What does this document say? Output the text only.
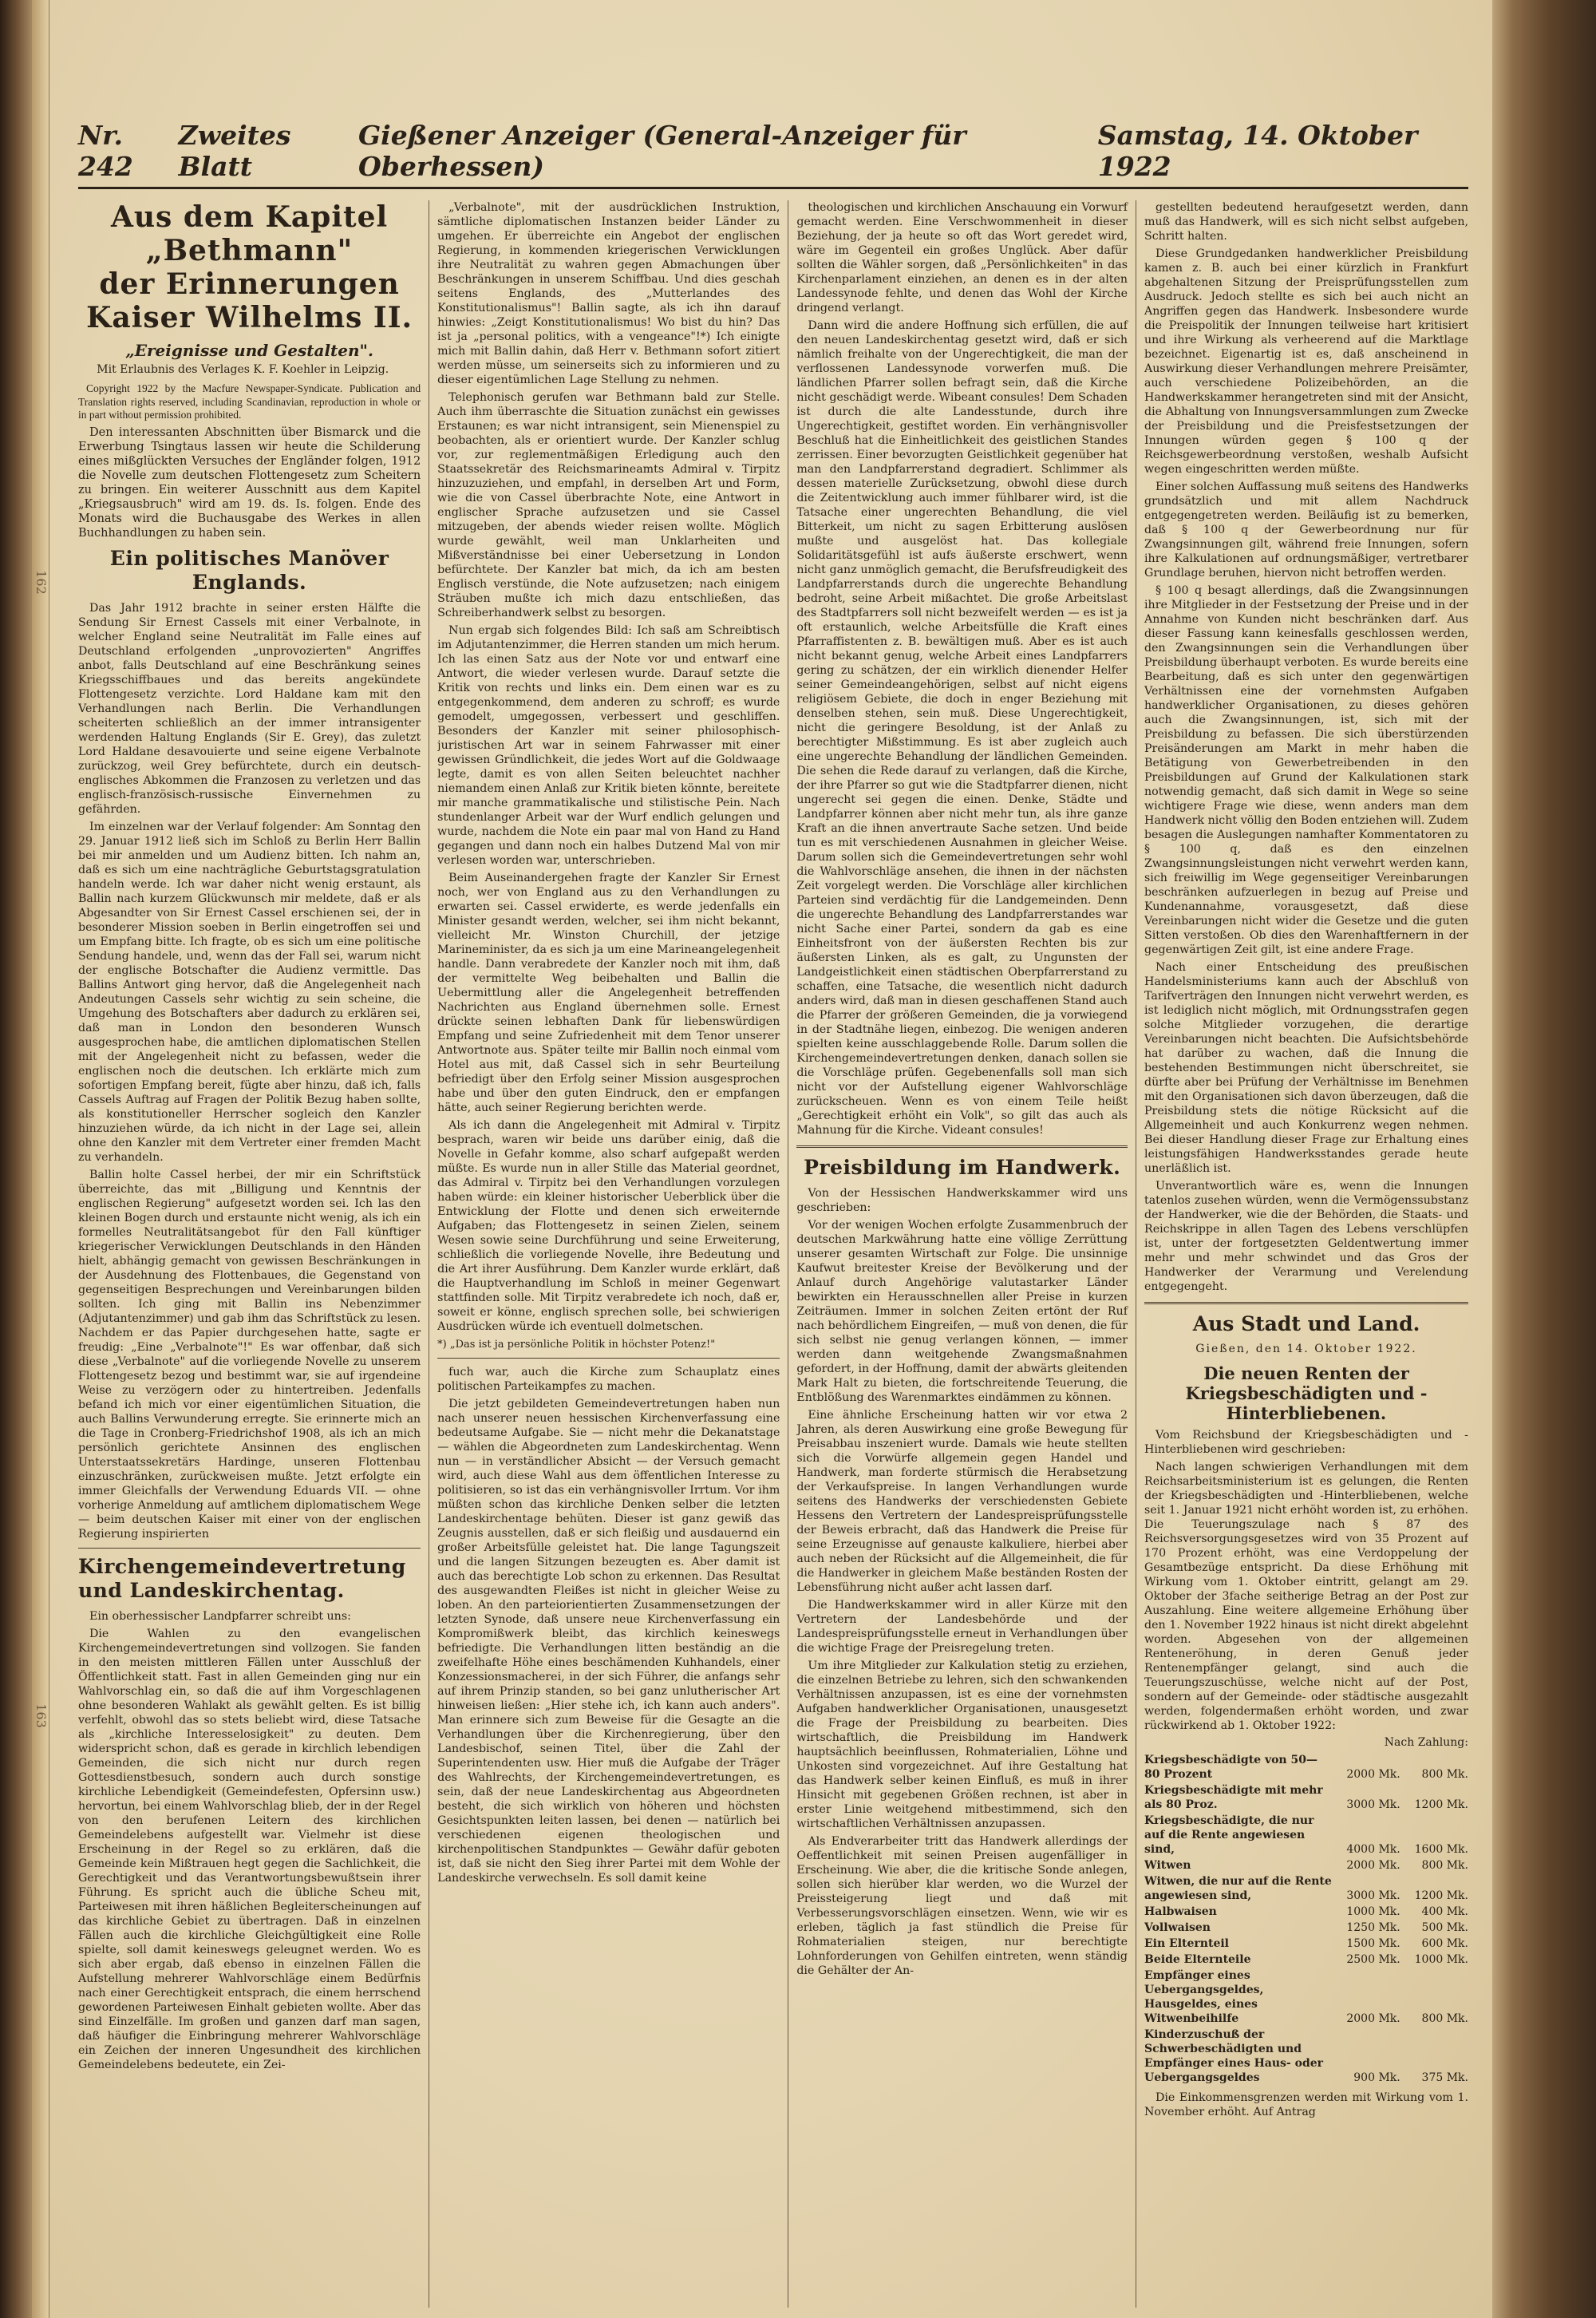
162
163
Nr. 242
Zweites Blatt
Gießener Anzeiger (General-Anzeiger für Oberhessen)
Samstag, 14. Oktober 1922
Aus dem Kapitel „Bethmann"
der Erinnerungen Kaiser Wilhelms II.
„Ereignisse und Gestalten".
Mit Erlaubnis des Verlages K. F. Koehler in Leipzig.

Copyright 1922 by the Macfure Newspaper-Syndicate. Publication and Translation rights reserved, including Scandinavian, reproduction in whole or in part without permission prohibited.

Den interessanten Abschnitten über Bismarck und die Erwerbung Tsingtaus lassen wir heute die Schilderung eines mißglückten Versuches der Engländer folgen, 1912 die Novelle zum deutschen Flottengesetz zum Scheitern zu bringen. Ein weiterer Ausschnitt aus dem Kapitel „Kriegsausbruch" wird am 19. ds. Is. folgen. Ende des Monats wird die Buchausgabe des Werkes in allen Buchhandlungen zu haben sein.

Ein politisches Manöver Englands.

Das Jahr 1912 brachte in seiner ersten Hälfte die Sendung Sir Ernest Cassels mit einer Verbalnote, in welcher England seine Neutralität im Falle eines auf Deutschland erfolgenden „unprovozierten" Angriffes anbot, falls Deutschland auf eine Beschränkung seines Kriegsschiffbaues und das bereits angekündete Flottengesetz verzichte. Lord Haldane kam mit den Verhandlungen nach Berlin. Die Verhandlungen scheiterten schließlich an der immer intransigenter werdenden Haltung Englands (Sir E. Grey), das zuletzt Lord Haldane desavouierte und seine eigene Verbalnote zurückzog, weil Grey befürchtete, durch ein deutsch-englisches Abkommen die Franzosen zu verletzen und das englisch-französisch-russische Einvernehmen zu gefährden.

Im einzelnen war der Verlauf folgender: Am Sonntag den 29. Januar 1912 ließ sich im Schloß zu Berlin Herr Ballin bei mir anmelden und um Audienz bitten. Ich nahm an, daß es sich um eine nachträgliche Geburtstagsgratulation handeln werde. Ich war daher nicht wenig erstaunt, als Ballin nach kurzem Glückwunsch mir meldete, daß er als Abgesandter von Sir Ernest Cassel erschienen sei, der in besonderer Mission soeben in Berlin eingetroffen sei und um Empfang bitte. Ich fragte, ob es sich um eine politische Sendung handele, und, wenn das der Fall sei, warum nicht der englische Botschafter die Audienz vermittle. Das Ballins Antwort ging hervor, daß die Angelegenheit nach Andeutungen Cassels sehr wichtig zu sein scheine, die Umgehung des Botschafters aber dadurch zu erklären sei, daß man in London den besonderen Wunsch ausgesprochen habe, die amtlichen diplomatischen Stellen mit der Angelegenheit nicht zu befassen, weder die englischen noch die deutschen. Ich erklärte mich zum sofortigen Empfang bereit, fügte aber hinzu, daß ich, falls Cassels Auftrag auf Fragen der Politik Bezug haben sollte, als konstitutioneller Herrscher sogleich den Kanzler hinzuziehen würde, da ich nicht in der Lage sei, allein ohne den Kanzler mit dem Vertreter einer fremden Macht zu verhandeln.

Ballin holte Cassel herbei, der mir ein Schriftstück überreichte, das mit „Billigung und Kenntnis der englischen Regierung" aufgesetzt worden sei. Ich las den kleinen Bogen durch und erstaunte nicht wenig, als ich ein formelles Neutralitätsangebot für den Fall künftiger kriegerischer Verwicklungen Deutschlands in den Händen hielt, abhängig gemacht von gewissen Beschränkungen in der Ausdehnung des Flottenbaues, die Gegenstand von gegenseitigen Besprechungen und Vereinbarungen bilden sollten. Ich ging mit Ballin ins Nebenzimmer (Adjutantenzimmer) und gab ihm das Schriftstück zu lesen. Nachdem er das Papier durchgesehen hatte, sagte er freudig: „Eine „Verbalnote"!" Es war offenbar, daß sich diese „Verbalnote" auf die vorliegende Novelle zu unserem Flottengesetz bezog und bestimmt war, sie auf irgendeine Weise zu verzögern oder zu hintertreiben. Jedenfalls befand ich mich vor einer eigentümlichen Situation, die auch Ballins Verwunderung erregte. Sie erinnerte mich an die Tage in Cronberg-Friedrichshof 1908, als ich an mich persönlich gerichtete Ansinnen des englischen Unterstaatssekretärs Hardinge, unseren Flottenbau einzuschränken, zurückweisen mußte. Jetzt erfolgte ein immer Gleichfalls der Verwendung Eduards VII. — ohne vorherige Anmeldung auf amtlichem diplomatischem Wege — beim deutschen Kaiser mit einer von der englischen Regierung inspirierten

Kirchengemeindevertretung und Landeskirchentag.

Ein oberhessischer Landpfarrer schreibt uns:

Die Wahlen zu den evangelischen Kirchengemeindevertretungen sind vollzogen. Sie fanden in den meisten mittleren Fällen unter Ausschluß der Öffentlichkeit statt. Fast in allen Gemeinden ging nur ein Wahlvorschlag ein, so daß die auf ihm Vorgeschlagenen ohne besonderen Wahlakt als gewählt gelten. Es ist billig verfehlt, obwohl das so stets beliebt wird, diese Tatsache als „kirchliche Interesselosigkeit" zu deuten. Dem widerspricht schon, daß es gerade in kirchlich lebendigen Gemeinden, die sich nicht nur durch regen Gottesdienstbesuch, sondern auch durch sonstige kirchliche Lebendigkeit (Gemeindefesten, Opfersinn usw.) hervortun, bei einem Wahlvorschlag blieb, der in der Regel von den berufenen Leitern des kirchlichen Gemeindelebens aufgestellt war. Vielmehr ist diese Erscheinung in der Regel so zu erklären, daß die Gemeinde kein Mißtrauen hegt gegen die Sachlichkeit, die Gerechtigkeit und das Verantwortungsbewußtsein ihrer Führung. Es spricht auch die übliche Scheu mit, Parteiwesen mit ihren häßlichen Begleiterscheinungen auf das kirchliche Gebiet zu übertragen. Daß in einzelnen Fällen auch die kirchliche Gleichgültigkeit eine Rolle spielte, soll damit keineswegs geleugnet werden. Wo es sich aber ergab, daß ebenso in einzelnen Fällen die Aufstellung mehrerer Wahlvorschläge einem Bedürfnis nach einer Gerechtigkeit entsprach, die einem herrschend gewordenen Parteiwesen Einhalt gebieten wollte. Aber das sind Einzelfälle. Im großen und ganzen darf man sagen, daß häufiger die Einbringung mehrerer Wahlvorschläge ein Zeichen der inneren Ungesundheit des kirchlichen Gemeindelebens bedeutete, ein Zei-

„Verbalnote", mit der ausdrücklichen Instruktion, sämtliche diplomatischen Instanzen beider Länder zu umgehen. Er überreichte ein Angebot der englischen Regierung, in kommenden kriegerischen Verwicklungen ihre Neutralität zu wahren gegen Abmachungen über Beschränkungen in unserem Schiffbau. Und dies geschah seitens Englands, des „Mutterlandes des Konstitutionalismus"! Ballin sagte, als ich ihn darauf hinwies: „Zeigt Konstitutionalismus! Wo bist du hin? Das ist ja „personal politics, with a vengeance"!*) Ich einigte mich mit Ballin dahin, daß Herr v. Bethmann sofort zitiert werden müsse, um seinerseits sich zu informieren und zu dieser eigentümlichen Lage Stellung zu nehmen.

Telephonisch gerufen war Bethmann bald zur Stelle. Auch ihm überraschte die Situation zunächst ein gewisses Erstaunen; es war nicht intransigent, sein Mienenspiel zu beobachten, als er orientiert wurde. Der Kanzler schlug vor, zur reglementmäßigen Erledigung auch den Staatssekretär des Reichsmarineamts Admiral v. Tirpitz hinzuzuziehen, und empfahl, in derselben Art und Form, wie die von Cassel überbrachte Note, eine Antwort in englischer Sprache aufzusetzen und sie Cassel mitzugeben, der abends wieder reisen wollte. Möglich wurde gewählt, weil man Unklarheiten und Mißverständnisse bei einer Uebersetzung in London befürchtete. Der Kanzler bat mich, da ich am besten Englisch verstünde, die Note aufzusetzen; nach einigem Sträuben mußte ich mich dazu entschließen, das Schreiberhandwerk selbst zu besorgen.

Nun ergab sich folgendes Bild: Ich saß am Schreibtisch im Adjutantenzimmer, die Herren standen um mich herum. Ich las einen Satz aus der Note vor und entwarf eine Antwort, die wieder verlesen wurde. Darauf setzte die Kritik von rechts und links ein. Dem einen war es zu entgegenkommend, dem anderen zu schroff; es wurde gemodelt, umgegossen, verbessert und geschliffen. Besonders der Kanzler mit seiner philosophisch-juristischen Art war in seinem Fahrwasser mit einer gewissen Gründlichkeit, die jedes Wort auf die Goldwaage legte, damit es von allen Seiten beleuchtet nachher niemandem einen Anlaß zur Kritik bieten könnte, bereitete mir manche grammatikalische und stilistische Pein. Nach stundenlanger Arbeit war der Wurf endlich gelungen und wurde, nachdem die Note ein paar mal von Hand zu Hand gegangen und dann noch ein halbes Dutzend Mal von mir verlesen worden war, unterschrieben.

Beim Auseinandergehen fragte der Kanzler Sir Ernest noch, wer von England aus zu den Verhandlungen zu erwarten sei. Cassel erwiderte, es werde jedenfalls ein Minister gesandt werden, welcher, sei ihm nicht bekannt, vielleicht Mr. Winston Churchill, der jetzige Marineminister, da es sich ja um eine Marineangelegenheit handle. Dann verabredete der Kanzler noch mit ihm, daß der vermittelte Weg beibehalten und Ballin die Uebermittlung aller die Angelegenheit betreffenden Nachrichten aus England übernehmen solle. Ernest drückte seinen lebhaften Dank für liebenswürdigen Empfang und seine Zufriedenheit mit dem Tenor unserer Antwortnote aus. Später teilte mir Ballin noch einmal vom Hotel aus mit, daß Cassel sich in sehr Beurteilung befriedigt über den Erfolg seiner Mission ausgesprochen habe und über den guten Eindruck, den er empfangen hätte, auch seiner Regierung berichten werde.

Als ich dann die Angelegenheit mit Admiral v. Tirpitz besprach, waren wir beide uns darüber einig, daß die Novelle in Gefahr komme, also scharf aufgepaßt werden müßte. Es wurde nun in aller Stille das Material geordnet, das Admiral v. Tirpitz bei den Verhandlungen vorzulegen haben würde: ein kleiner historischer Ueberblick über die Entwicklung der Flotte und denen sich erweiternde Aufgaben; das Flottengesetz in seinen Zielen, seinem Wesen sowie seine Durchführung und seine Erweiterung, schließlich die vorliegende Novelle, ihre Bedeutung und die Art ihrer Ausführung. Dem Kanzler wurde erklärt, daß die Hauptverhandlung im Schloß in meiner Gegenwart stattfinden solle. Mit Tirpitz verabredete ich noch, daß er, soweit er könne, englisch sprechen solle, bei schwierigen Ausdrücken würde ich eventuell dolmetschen.

*) „Das ist ja persönliche Politik in höchster Potenz!"

fuch war, auch die Kirche zum Schauplatz eines politischen Parteikampfes zu machen.

Die jetzt gebildeten Gemeindevertretungen haben nun nach unserer neuen hessischen Kirchenverfassung eine bedeutsame Aufgabe. Sie — nicht mehr die Dekanatstage — wählen die Abgeordneten zum Landeskirchentag. Wenn nun — in verständlicher Absicht — der Versuch gemacht wird, auch diese Wahl aus dem öffentlichen Interesse zu politisieren, so ist das ein verhängnisvoller Irrtum. Vor ihm müßten schon das kirchliche Denken selber die letzten Landeskirchentage behüten. Dieser ist ganz gewiß das Zeugnis ausstellen, daß er sich fleißig und ausdauernd ein großer Arbeitsfülle geleistet hat. Die lange Tagungszeit und die langen Sitzungen bezeugten es. Aber damit ist auch das berechtigte Lob schon zu erkennen. Das Resultat des ausgewandten Fleißes ist nicht in gleicher Weise zu loben. An den parteiorientierten Zusammensetzungen der letzten Synode, daß unsere neue Kirchenverfassung ein Kompromißwerk bleibt, das kirchlich keineswegs befriedigte. Die Verhandlungen litten beständig an die zweifelhafte Höhe eines beschämenden Kuhhandels, einer Konzessionsmacherei, in der sich Führer, die anfangs sehr auf ihrem Prinzip standen, so bei ganz unlutherischer Art hinweisen ließen: „Hier stehe ich, ich kann auch anders". Man erinnere sich zum Beweise für die Gesagte an die Verhandlungen über die Kirchenregierung, über den Landesbischof, seinen Titel, über die Zahl der Superintendenten usw. Hier muß die Aufgabe der Träger des Wahlrechts, der Kirchengemeindevertretungen, es sein, daß der neue Landeskirchentag aus Abgeordneten besteht, die sich wirklich von höheren und höchsten Gesichtspunkten leiten lassen, bei denen — natürlich bei verschiedenen eigenen theologischen und kirchenpolitischen Standpunktes — Gewähr dafür geboten ist, daß sie nicht den Sieg ihrer Partei mit dem Wohle der Landeskirche verwechseln. Es soll damit keine

theologischen und kirchlichen Anschauung ein Vorwurf gemacht werden. Eine Verschwommenheit in dieser Beziehung, der ja heute so oft das Wort geredet wird, wäre im Gegenteil ein großes Unglück. Aber dafür sollten die Wähler sorgen, daß „Persönlichkeiten" in das Kirchenparlament einziehen, an denen es in der alten Landessynode fehlte, und denen das Wohl der Kirche dringend verlangt.

Dann wird die andere Hoffnung sich erfüllen, die auf den neuen Landeskirchentag gesetzt wird, daß er sich nämlich freihalte von der Ungerechtigkeit, die man der verflossenen Landessynode vorwerfen muß. Die ländlichen Pfarrer sollen befragt sein, daß die Kirche nicht geschädigt werde. Wibeant consules! Dem Schaden ist durch die alte Landesstunde, durch ihre Ungerechtigkeit, gestiftet worden. Ein verhängnisvoller Beschluß hat die Einheitlichkeit des geistlichen Standes zerrissen. Einer bevorzugten Geistlichkeit gegenüber hat man den Landpfarrerstand degradiert. Schlimmer als dessen materielle Zurücksetzung, obwohl diese durch die Zeitentwicklung auch immer fühlbarer wird, ist die Tatsache einer ungerechten Behandlung, die viel Bitterkeit, um nicht zu sagen Erbitterung auslösen mußte und ausgelöst hat. Das kollegiale Solidaritätsgefühl ist aufs äußerste erschwert, wenn nicht ganz unmöglich gemacht, die Berufsfreudigkeit des Landpfarrerstands durch die ungerechte Behandlung bedroht, seine Arbeit mißachtet. Die große Arbeitslast des Stadtpfarrers soll nicht bezweifelt werden — es ist ja oft erstaunlich, welche Arbeitsfülle die Kraft eines Pfarraffistenten z. B. bewältigen muß. Aber es ist auch nicht bekannt genug, welche Arbeit eines Landpfarrers gering zu schätzen, der ein wirklich dienender Helfer seiner Gemeindeangehörigen, selbst auf nicht eigens religiösem Gebiete, die doch in enger Beziehung mit denselben stehen, sein muß. Diese Ungerechtigkeit, nicht die geringere Besoldung, ist der Anlaß zu berechtigter Mißstimmung. Es ist aber zugleich auch eine ungerechte Behandlung der ländlichen Gemeinden. Die sehen die Rede darauf zu verlangen, daß die Kirche, der ihre Pfarrer so gut wie die Stadtpfarrer dienen, nicht ungerecht sei gegen die einen. Denke, Städte und Landpfarrer können aber nicht mehr tun, als ihre ganze Kraft an die ihnen anvertraute Sache setzen. Und beide tun es mit verschiedenen Ausnahmen in gleicher Weise. Darum sollen sich die Gemeindevertretungen sehr wohl die Wahlvorschläge ansehen, die ihnen in der nächsten Zeit vorgelegt werden. Die Vorschläge aller kirchlichen Parteien sind verdächtig für die Landgemeinden. Denn die ungerechte Behandlung des Landpfarrerstandes war nicht Sache einer Partei, sondern da gab es eine Einheitsfront von der äußersten Rechten bis zur äußersten Linken, als es galt, zu Ungunsten der Landgeistlichkeit einen städtischen Oberpfarrerstand zu schaffen, eine Tatsache, die wesentlich nicht dadurch anders wird, daß man in diesen geschaffenen Stand auch die Pfarrer der größeren Gemeinden, die ja vorwiegend in der Stadtnähe liegen, einbezog. Die wenigen anderen spielten keine ausschlaggebende Rolle. Darum sollen die Kirchengemeindevertretungen denken, danach sollen sie die Vorschläge prüfen. Gegebenenfalls soll man sich nicht vor der Aufstellung eigener Wahlvorschläge zurückscheuen. Wenn es von einem Teile heißt „Gerechtigkeit erhöht ein Volk", so gilt das auch als Mahnung für die Kirche. Videant consules!

Preisbildung im Handwerk.

Von der Hessischen Handwerkskammer wird uns geschrieben:

Vor der wenigen Wochen erfolgte Zusammenbruch der deutschen Markwährung hatte eine völlige Zerrüttung unserer gesamten Wirtschaft zur Folge. Die unsinnige Kaufwut breitester Kreise der Bevölkerung und der Anlauf durch Angehörige valutastarker Länder bewirkten ein Herausschnellen aller Preise in kurzen Zeiträumen. Immer in solchen Zeiten ertönt der Ruf nach behördlichem Eingreifen, — muß von denen, die für sich selbst nie genug verlangen können, — immer werden dann weitgehende Zwangsmaßnahmen gefordert, in der Hoffnung, damit der abwärts gleitenden Mark Halt zu bieten, die fortschreitende Teuerung, die Entblößung des Warenmarktes eindämmen zu können.

Eine ähnliche Erscheinung hatten wir vor etwa 2 Jahren, als deren Auswirkung eine große Bewegung für Preisabbau inszeniert wurde. Damals wie heute stellten sich die Vorwürfe allgemein gegen Handel und Handwerk, man forderte stürmisch die Herabsetzung der Verkaufspreise. In langen Verhandlungen wurde seitens des Handwerks der verschiedensten Gebiete Hessens den Vertretern der Landespreisprüfungsstelle der Beweis erbracht, daß das Handwerk die Preise für seine Erzeugnisse auf genauste kalkuliere, hierbei aber auch neben der Rücksicht auf die Allgemeinheit, die für die Handwerker in gleichem Maße beständen Rosten der Lebensführung nicht außer acht lassen darf.

Die Handwerkskammer wird in aller Kürze mit den Vertretern der Landesbehörde und der Landespreisprüfungsstelle erneut in Verhandlungen über die wichtige Frage der Preisregelung treten.

Um ihre Mitglieder zur Kalkulation stetig zu erziehen, die einzelnen Betriebe zu lehren, sich den schwankenden Verhältnissen anzupassen, ist es eine der vornehmsten Aufgaben handwerklicher Organisationen, unausgesetzt die Frage der Preisbildung zu bearbeiten. Dies wirtschaftlich, die Preisbildung im Handwerk hauptsächlich beeinflussen, Rohmaterialien, Löhne und Unkosten sind vorgezeichnet. Auf ihre Gestaltung hat das Handwerk selber keinen Einfluß, es muß in ihrer Hinsicht mit gegebenen Größen rechnen, ist aber in erster Linie weitgehend mitbestimmend, sich den wirtschaftlichen Verhältnissen anzupassen.

Als Endverarbeiter tritt das Handwerk allerdings der Oeffentlichkeit mit seinen Preisen augenfälliger in Erscheinung. Wie aber, die die kritische Sonde anlegen, sollen sich hierüber klar werden, wo die Wurzel der Preissteigerung liegt und daß mit Verbesserungsvorschlägen einsetzen. Wenn, wie wir es erleben, täglich ja fast stündlich die Preise für Rohmaterialien steigen, nur berechtigte Lohnforderungen von Gehilfen eintreten, wenn ständig die Gehälter der An-

gestellten bedeutend heraufgesetzt werden, dann muß das Handwerk, will es sich nicht selbst aufgeben, Schritt halten.

Diese Grundgedanken handwerklicher Preisbildung kamen z. B. auch bei einer kürzlich in Frankfurt abgehaltenen Sitzung der Preisprüfungsstellen zum Ausdruck. Jedoch stellte es sich bei auch nicht an Angriffen gegen das Handwerk. Insbesondere wurde die Preispolitik der Innungen teilweise hart kritisiert und ihre Wirkung als verheerend auf die Marktlage bezeichnet. Eigenartig ist es, daß anscheinend in Auswirkung dieser Verhandlungen mehrere Preisämter, auch verschiedene Polizeibehörden, an die Handwerkskammer herangetreten sind mit der Ansicht, die Abhaltung von Innungsversammlungen zum Zwecke der Preisbildung und die Preisfestsetzungen der Innungen würden gegen § 100 q der Reichsgewerbeordnung verstoßen, weshalb Aufsicht wegen eingeschritten werden müßte.

Einer solchen Auffassung muß seitens des Handwerks grundsätzlich und mit allem Nachdruck entgegengetreten werden. Beiläufig ist zu bemerken, daß § 100 q der Gewerbeordnung nur für Zwangsinnungen gilt, während freie Innungen, sofern ihre Kalkulationen auf ordnungsmäßiger, vertretbarer Grundlage beruhen, hiervon nicht betroffen werden.

§ 100 q besagt allerdings, daß die Zwangsinnungen ihre Mitglieder in der Festsetzung der Preise und in der Annahme von Kunden nicht beschränken darf. Aus dieser Fassung kann keinesfalls geschlossen werden, den Zwangsinnungen sein die Verhandlungen über Preisbildung überhaupt verboten. Es wurde bereits eine Bearbeitung, daß es sich unter den gegenwärtigen Verhältnissen eine der vornehmsten Aufgaben handwerklicher Organisationen, zu dieses gehören auch die Zwangsinnungen, ist, sich mit der Preisbildung zu befassen. Die sich überstürzenden Preisänderungen am Markt in mehr haben die Betätigung von Gewerbetreibenden in den Preisbildungen auf Grund der Kalkulationen stark notwendig gemacht, daß sich damit in Wege so seine wichtigere Frage wie diese, wenn anders man dem Handwerk nicht völlig den Boden entziehen will. Zudem besagen die Auslegungen namhafter Kommentatoren zu § 100 q, daß es den einzelnen Zwangsinnungsleistungen nicht verwehrt werden kann, sich freiwillig im Wege gegenseitiger Vereinbarungen beschränken aufzuerlegen in bezug auf Preise und Kundenannahme, vorausgesetzt, daß diese Vereinbarungen nicht wider die Gesetze und die guten Sitten verstoßen. Ob dies den Warenhaftfernern in der gegenwärtigen Zeit gilt, ist eine andere Frage.

Nach einer Entscheidung des preußischen Handelsministeriums kann auch der Abschluß von Tarifverträgen den Innungen nicht verwehrt werden, es ist lediglich nicht möglich, mit Ordnungsstrafen gegen solche Mitglieder vorzugehen, die derartige Vereinbarungen nicht beachten. Die Aufsichtsbehörde hat darüber zu wachen, daß die Innung die bestehenden Bestimmungen nicht überschreitet, sie dürfte aber bei Prüfung der Verhältnisse im Benehmen mit den Organisationen sich davon überzeugen, daß die Preisbildung stets die nötige Rücksicht auf die Allgemeinheit und auch Konkurrenz wegen nehmen. Bei dieser Handlung dieser Frage zur Erhaltung eines leistungsfähigen Handwerksstandes gerade heute unerläßlich ist.

Unverantwortlich wäre es, wenn die Innungen tatenlos zusehen würden, wenn die Vermögenssubstanz der Handwerker, wie die der Behörden, die Staats- und Reichskrippe in allen Tagen des Lebens verschlüpfen ist, unter der fortgesetzten Geldentwertung immer mehr und mehr schwindet und das Gros der Handwerker der Verarmung und Verelendung entgegengeht.

Aus Stadt und Land.
Gießen, den 14. Oktober 1922.
Die neuen Renten der Kriegsbeschädigten und -Hinterbliebenen.

Vom Reichsbund der Kriegsbeschädigten und -Hinterbliebenen wird geschrieben:

Nach langen schwierigen Verhandlungen mit dem Reichsarbeitsministerium ist es gelungen, die Renten der Kriegsbeschädigten und -Hinterbliebenen, welche seit 1. Januar 1921 nicht erhöht worden ist, zu erhöhen. Die Teuerungszulage nach § 87 des Reichsversorgungsgesetzes wird von 35 Prozent auf 170 Prozent erhöht, was eine Verdoppelung der Gesamtbezüge entspricht. Da diese Erhöhung mit Wirkung vom 1. Oktober eintritt, gelangt am 29. Oktober der 3fache seitherige Betrag an der Post zur Auszahlung. Eine weitere allgemeine Erhöhung über den 1. November 1922 hinaus ist nicht direkt abgelehnt worden. Abgesehen von der allgemeinen Renteneröhung, in deren Genuß jeder Rentenempfänger gelangt, sind auch die Teuerungszuschüsse, welche nicht auf der Post, sondern auf der Gemeinde- oder städtische ausgezahlt werden, folgendermaßen erhöht worden, und zwar rückwirkend ab 1. Oktober 1922:

Nach Zahlung:
Kriegsbeschädigte von 50—80 Prozent	2000 Mk.	800 Mk.
Kriegsbeschädigte mit mehr als 80 Proz.	3000 Mk.	1200 Mk.
Kriegsbeschädigte, die nur auf die Rente angewiesen sind,	4000 Mk.	1600 Mk.
Witwen	2000 Mk.	800 Mk.
Witwen, die nur auf die Rente angewiesen sind,	3000 Mk.	1200 Mk.
Halbwaisen	1000 Mk.	400 Mk.
Vollwaisen	1250 Mk.	500 Mk.
Ein Elternteil	1500 Mk.	600 Mk.
Beide Elternteile	2500 Mk.	1000 Mk.
Empfänger eines Uebergangsgeldes, Hausgeldes, eines Witwenbeihilfe	2000 Mk.	800 Mk.
Kinderzuschuß der Schwerbeschädigten und Empfänger eines Haus- oder Uebergangsgeldes	900 Mk.	375 Mk.

Die Einkommensgrenzen werden mit Wirkung vom 1. November erhöht. Auf Antrag
